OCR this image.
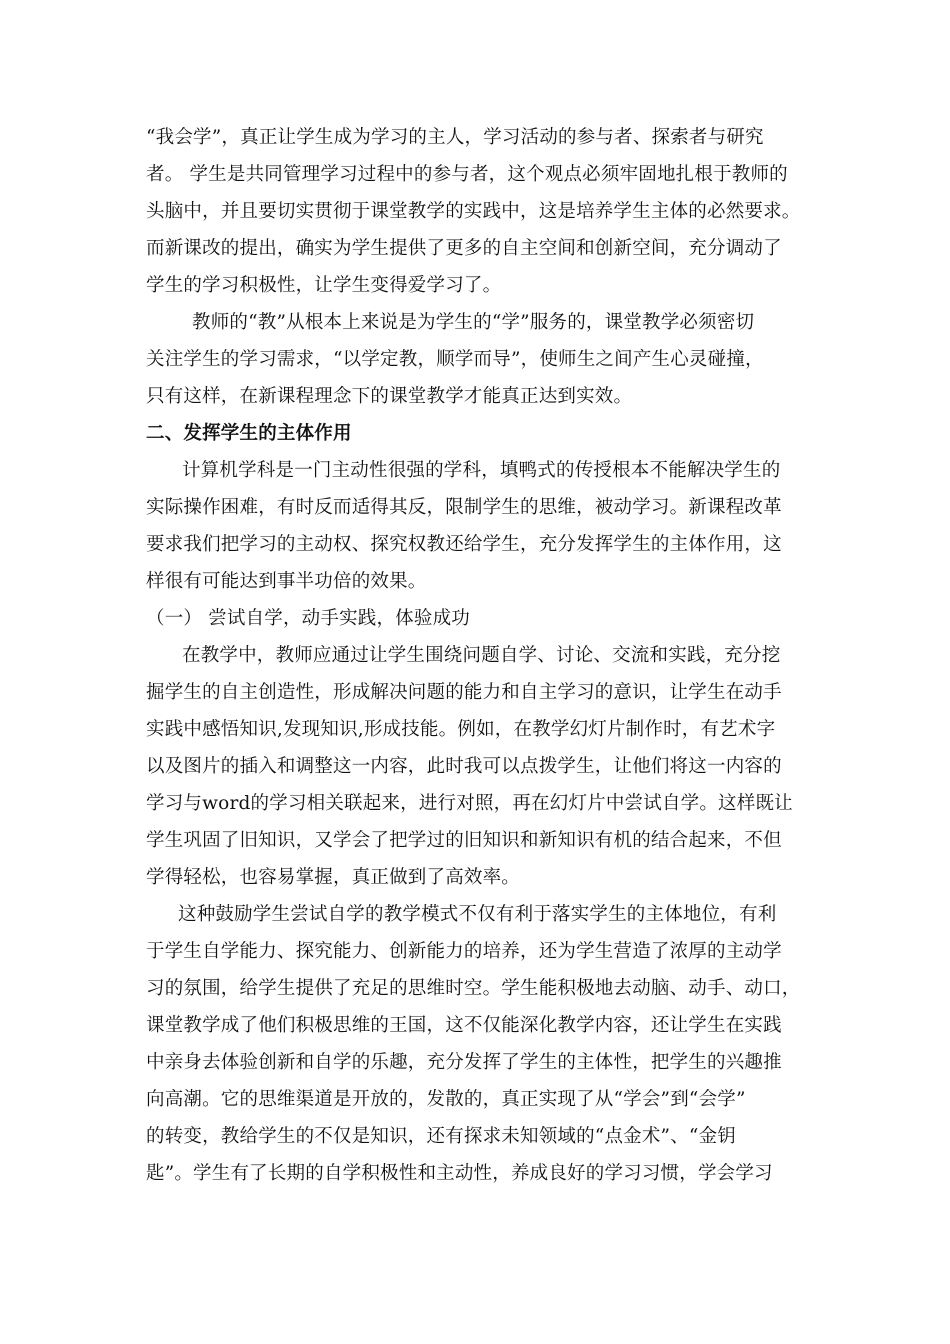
“我会学”，真正让学生成为学习的主人，学习活动的参与者、探索者与研究
者。 学生是共同管理学习过程中的参与者，这个观点必须牢固地扎根于教师的
头脑中，并且要切实贯彻于课堂教学的实践中，这是培养学生主体的必然要求。
而新课改的提出，确实为学生提供了更多的自主空间和创新空间，充分调动了
学生的学习积极性，让学生变得爱学习了。
教师的“教”从根本上来说是为学生的“学”服务的，课堂教学必须密切
关注学生的学习需求，“以学定教，顺学而导”，使师生之间产生心灵碰撞，
只有这样，在新课程理念下的课堂教学才能真正达到实效。
二、发挥学生的主体作用
计算机学科是一门主动性很强的学科，填鸭式的传授根本不能解决学生的
实际操作困难，有时反而适得其反，限制学生的思维，被动学习。新课程改革
要求我们把学习的主动权、探究权教还给学生，充分发挥学生的主体作用，这
样很有可能达到事半功倍的效果。
（一） 尝试自学，动手实践，体验成功
在教学中，教师应通过让学生围绕问题自学、讨论、交流和实践，充分挖
掘学生的自主创造性，形成解决问题的能力和自主学习的意识，让学生在动手
实践中感悟知识,发现知识,形成技能。例如，在教学幻灯片制作时，有艺术字
以及图片的插入和调整这一内容，此时我可以点拨学生，让他们将这一内容的
学习与word的学习相关联起来，进行对照，再在幻灯片中尝试自学。这样既让
学生巩固了旧知识，又学会了把学过的旧知识和新知识有机的结合起来，不但
学得轻松，也容易掌握，真正做到了高效率。
这种鼓励学生尝试自学的教学模式不仅有利于落实学生的主体地位，有利
于学生自学能力、探究能力、创新能力的培养，还为学生营造了浓厚的主动学
习的氛围，给学生提供了充足的思维时空。学生能积极地去动脑、动手、动口，
课堂教学成了他们积极思维的王国，这不仅能深化教学内容，还让学生在实践
中亲身去体验创新和自学的乐趣，充分发挥了学生的主体性，把学生的兴趣推
向高潮。它的思维渠道是开放的，发散的，真正实现了从“学会”到“会学”
的转变，教给学生的不仅是知识，还有探求未知领域的“点金术”、“金钥
匙”。学生有了长期的自学积极性和主动性，养成良好的学习习惯，学会学习
